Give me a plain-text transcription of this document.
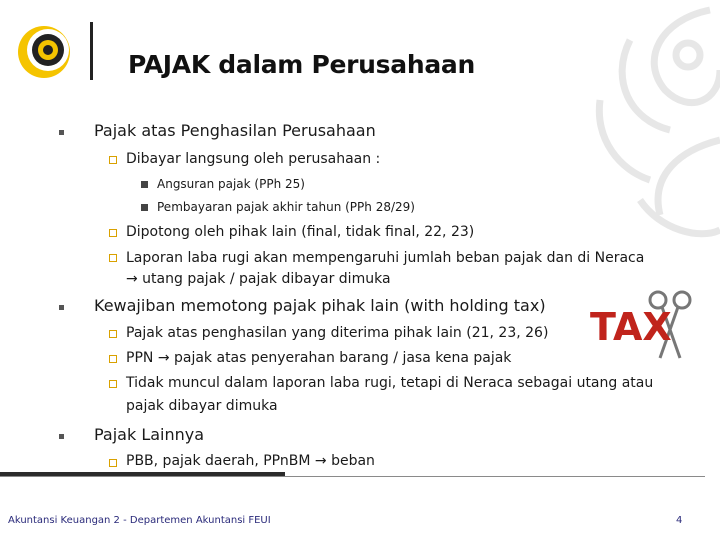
PAJAK dalam Perusahaan
Pajak atas Penghasilan Perusahaan
Dibayar langsung oleh perusahaan :
Angsuran pajak (PPh 25)
Pembayaran pajak akhir tahun (PPh 28/29)
Dipotong oleh pihak lain (final, tidak final, 22, 23)
Laporan laba rugi akan mempengaruhi jumlah beban pajak dan di Neraca
→ utang pajak / pajak dibayar dimuka
Kewajiban memotong pajak pihak lain (with holding tax)
Pajak atas penghasilan yang diterima pihak lain (21, 23, 26)
PPN → pajak atas penyerahan barang / jasa kena pajak
Tidak muncul dalam laporan laba rugi, tetapi di Neraca sebagai utang atau
pajak dibayar dimuka
Pajak Lainnya
PBB, pajak daerah, PPnBM → beban
TAX
Akuntansi Keuangan 2 - Departemen Akuntansi FEUI	4
